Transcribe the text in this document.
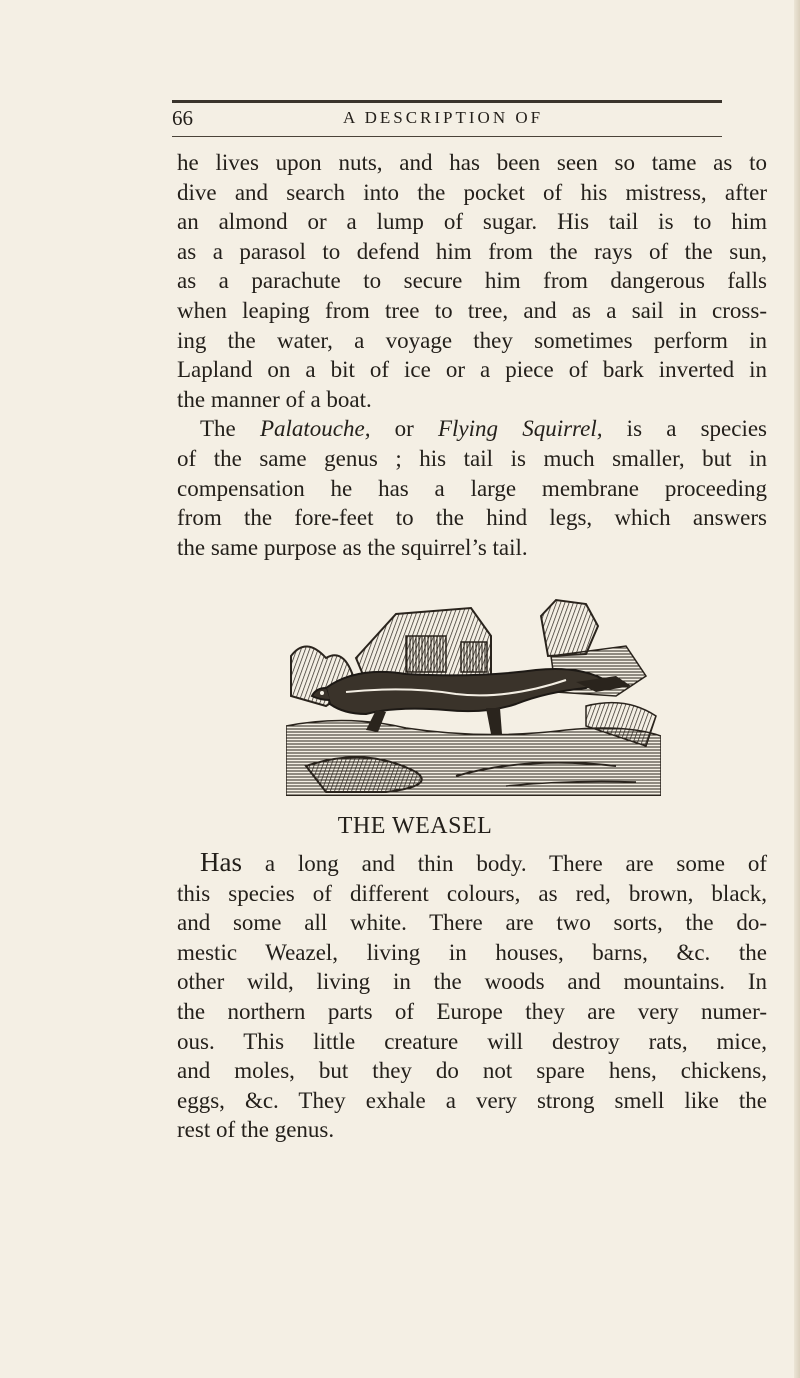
66	A DESCRIPTION OF
he lives upon nuts, and has been seen so tame as to
dive and search into the pocket of his mistress, after
an almond or a lump of sugar. His tail is to him
as a parasol to defend him from the rays of the sun,
as a parachute to secure him from dangerous falls
when leaping from tree to tree, and as a sail in cross-
ing the water, a voyage they sometimes perform in
Lapland on a bit of ice or a piece of bark inverted in
the manner of a boat.
The Palatouche, or Flying Squirrel, is a species
of the same genus ; his tail is much smaller, but in
compensation he has a large membrane proceeding
from the fore-feet to the hind legs, which answers
the same purpose as the squirrel’s tail.
THE WEASEL
Has a long and thin body. There are some of
this species of different colours, as red, brown, black,
and some all white. There are two sorts, the do-
mestic Weazel, living in houses, barns, &c. the
other wild, living in the woods and mountains. In
the northern parts of Europe they are very numer-
ous. This little creature will destroy rats, mice,
and moles, but they do not spare hens, chickens,
eggs, &c. They exhale a very strong smell like the
rest of the genus.
